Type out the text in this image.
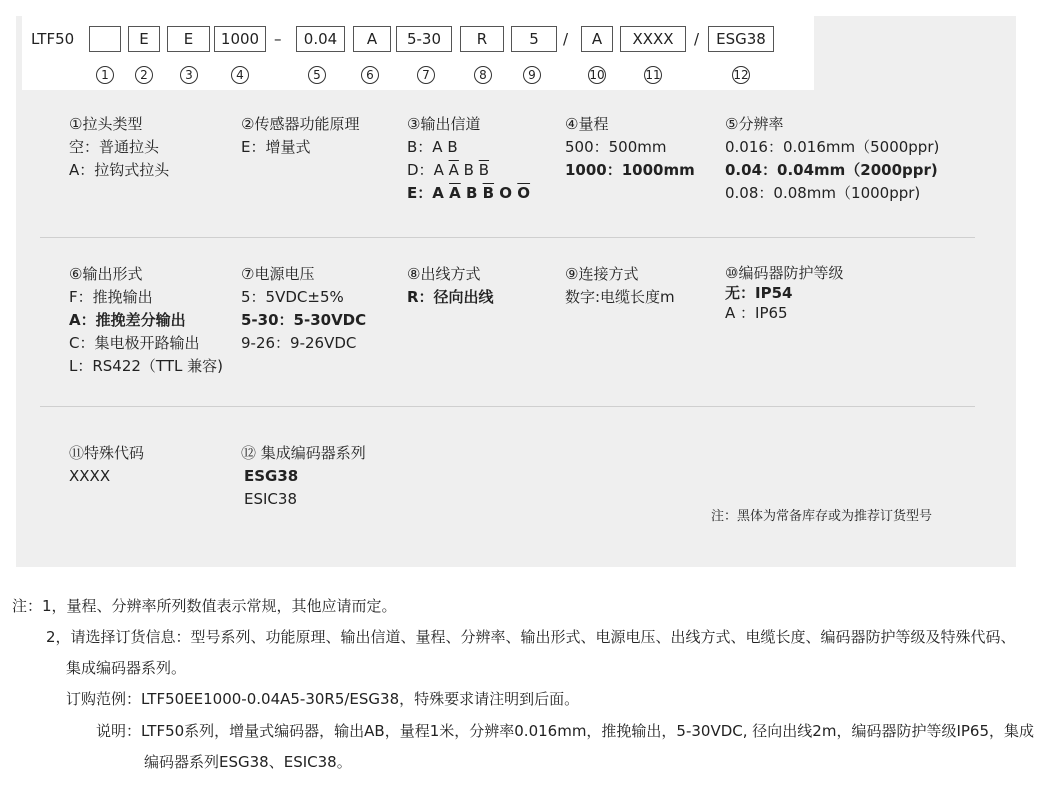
LTF50	E	E	1000 –	0.04	A	5-30	R	5	/	A	XXXX	/	ESG38
1	2	3	4	5	6	7	8	9	10	11	12
①拉头类型
空：普通拉头
A：拉钩式拉头
②传感器功能原理
E：增量式
③输出信道
B：A B
D：A $\overline{A}$ B $\overline{B}$
E：A $\overline{A}$ B $\overline{B}$ O $\overline{O}$
④量程
500：500mm
1000：1000mm
⑤分辨率
0.016：0.016mm（5000ppr)
0.04：0.04mm（2000ppr)
0.08：0.08mm（1000ppr)
⑥输出形式
F：推挽输出
A：推挽差分输出
C：集电极开路输出
L：RS422（TTL 兼容)
⑦电源电压
5：5VDC±5%
5-30：5-30VDC
9-26：9-26VDC
⑧出线方式
R：径向出线
⑨连接方式
数字:电缆长度m
⑩编码器防护等级
无：IP54
A ：IP65
⑪特殊代码
XXXX
⑫ 集成编码器系列
ESG38
ESIC38
注：黑体为常备库存或为推荐订货型号
注：1，量程、分辨率所列数值表示常规，其他应请而定。
2，请选择订货信息：型号系列、功能原理、输出信道、量程、分辨率、输出形式、电源电压、出线方式、电缆长度、编码器防护等级及特殊代码、
集成编码器系列。
订购范例：LTF50EE1000-0.04A5-30R5/ESG38，特殊要求请注明到后面。
说明：LTF50系列，增量式编码器，输出AB，量程1米，分辨率0.016mm，推挽输出，5-30VDC, 径向出线2m，编码器防护等级IP65，集成
编码器系列ESG38、ESIC38。
